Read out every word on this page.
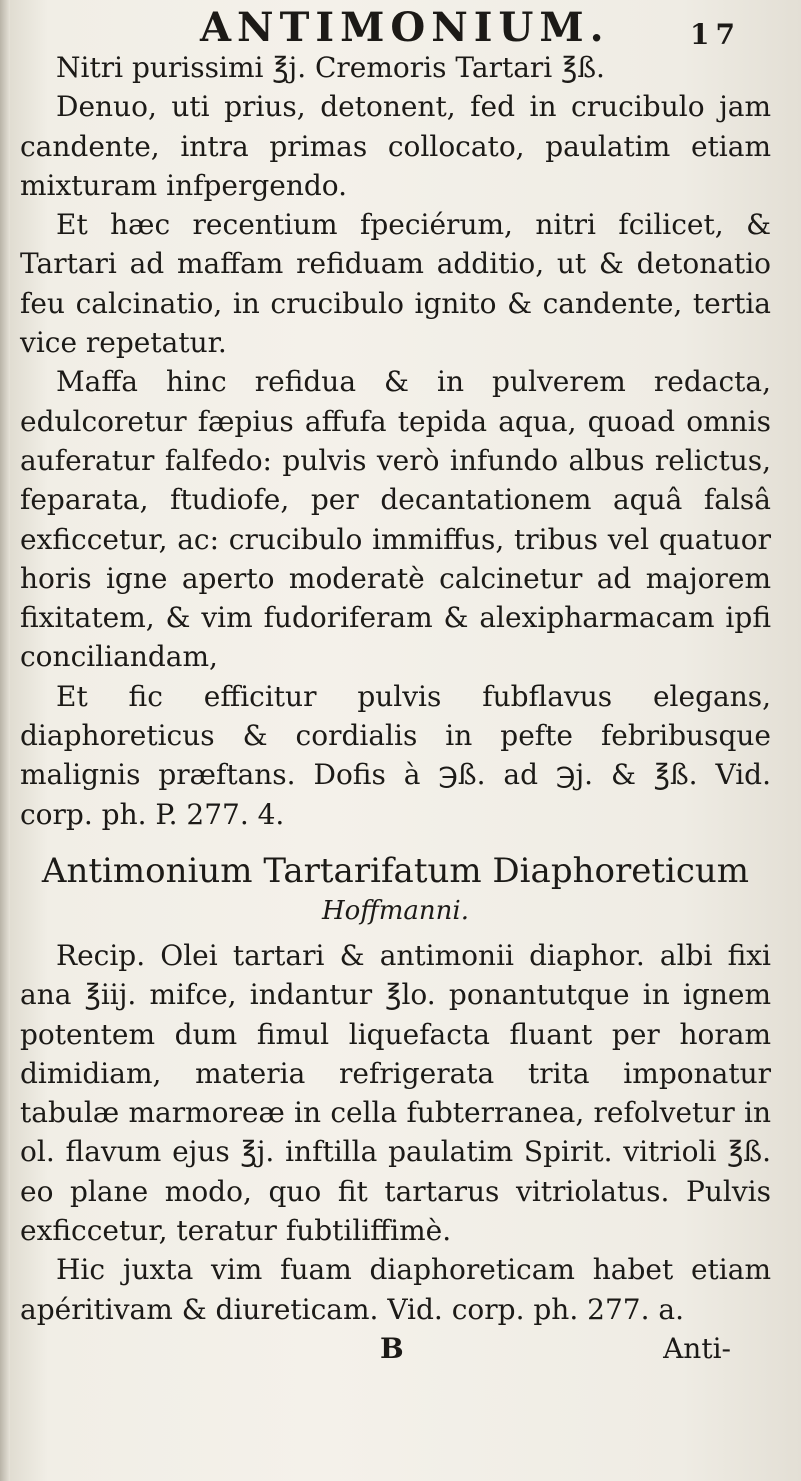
ANTIMONIUM.	17

Nitri purissimi ℥j. Cremoris Tartari ℥ß.

Denuo, uti prius, detonent, fed in crucibulo jam candente, intra primas collocato, paulatim etiam mixturam infpergendo.

Et hæc recentium fpeciérum, nitri fcilicet, & Tartari ad maffam refiduam additio, ut & detonatio feu calcinatio, in crucibulo ignito & candente, tertia vice repetatur.

Maffa hinc refidua & in pulverem redacta, edulcoretur fæpius affufa tepida aqua, quoad omnis auferatur falfedo: pulvis verò infundo albus relictus, feparata, ftudiofe, per decantationem aquâ falsâ exficcetur, ac: crucibulo immiffus, tribus vel quatuor horis igne aperto moderatè calcinetur ad majorem fixitatem, & vim fudoriferam & alexipharmacam ipfi conciliandam,

Et fic efficitur pulvis fubflavus elegans, diaphoreticus & cordialis in pefte febribusque malignis præftans. Dofis à ℈ß. ad ℈j. & ℥ß. Vid. corp. ph. P. 277. 4.

Antimonium Tartarifatum Diaphoreticum
Hoffmanni.

Recip. Olei tartari & antimonii diaphor. albi fixi ana ℥iij. mifce, indantur ℥lo. ponantutque in ignem potentem dum fimul liquefacta fluant per horam dimidiam, materia refrigerata trita imponatur tabulæ marmoreæ in cella fubterranea, refolvetur in ol. flavum ejus ℥j. inftilla paulatim Spirit. vitrioli ℥ß. eo plane modo, quo fit tartarus vitriolatus. Pulvis exficcetur, teratur fubtiliffimè.

Hic juxta vim fuam diaphoreticam habet etiam apéritivam & diureticam. Vid. corp. ph. 277. a.

B	Anti-
